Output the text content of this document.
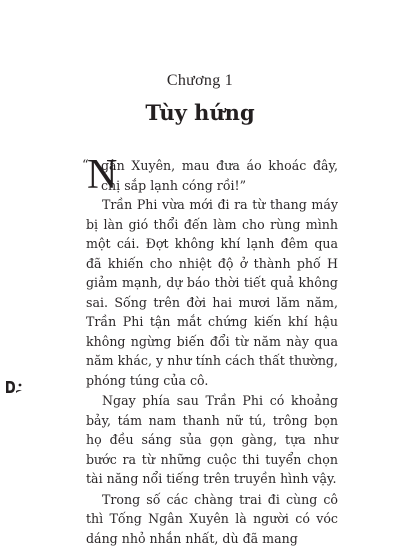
Chương 1
Tùy hứng

“
N
gân Xuyên, mau đưa áo khoác đây, chị sắp lạnh cóng rồi!”

Trần Phi vừa mới đi ra từ thang máy bị làn gió thổi đến làm cho rùng mình một cái. Đợt không khí lạnh đêm qua đã khiến cho nhiệt độ ở thành phố H giảm mạnh, dự báo thời tiết quả không sai. Sống trên đời hai mươi lăm năm, Trần Phi tận mắt chứng kiến khí hậu không ngừng biến đổi từ năm này qua năm khác, y như tính cách thất thường, phóng túng của cô.

Ngay phía sau Trần Phi có khoảng bảy, tám nam thanh nữ tú, trông bọn họ đều sáng sủa gọn gàng, tựa như bước ra từ những cuộc thi tuyển chọn tài năng nổi tiếng trên truyền hình vậy.

Trong số các chàng trai đi cùng cô thì Tống Ngân Xuyên là người có vóc dáng nhỏ nhắn nhất, dù đã mang
